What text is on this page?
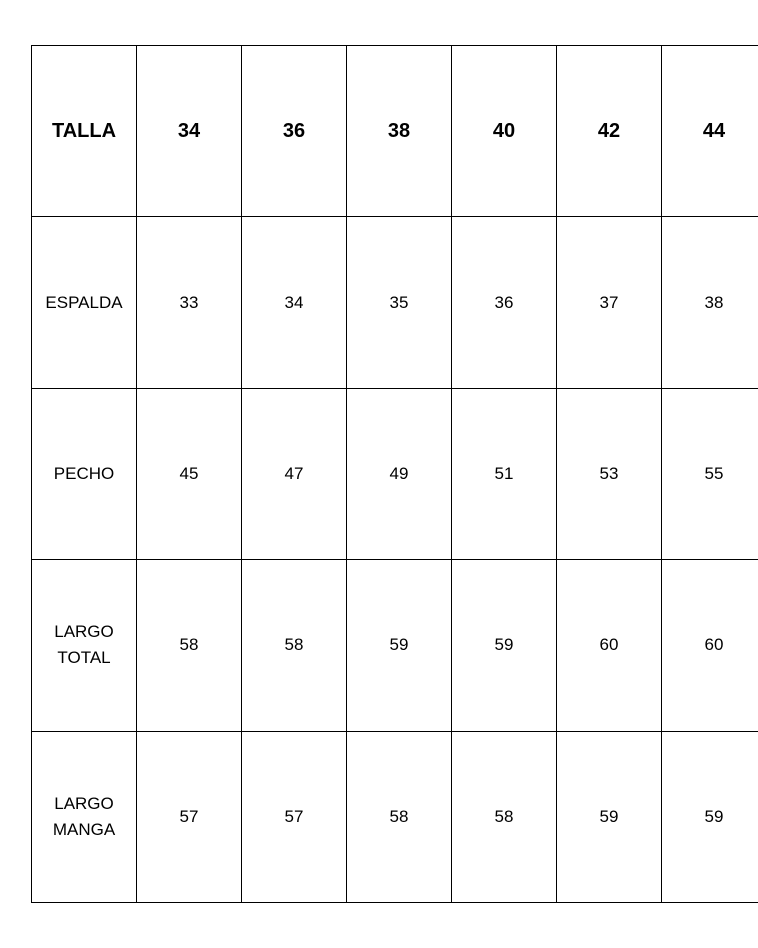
TALLA	34	36	38	40	42	44

ESPALDA	33	34	35	36	37	38

PECHO	45	47	49	51	53	55

LARGO
TOTAL	58	58	59	59	60	60

LARGO
MANGA	57	57	58	58	59	59
